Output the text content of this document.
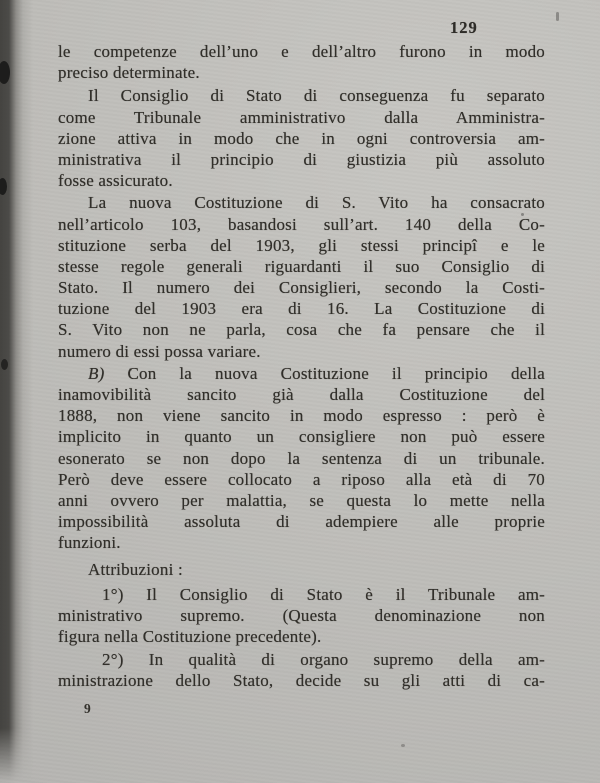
129
le competenze dell’uno e dell’altro furono in modo
preciso determinate.
Il Consiglio di Stato di conseguenza fu separato
come Tribunale amministrativo dalla Amministra-
zione attiva in modo che in ogni controversia am-
ministrativa il principio di giustizia più assoluto
fosse assicurato.
La nuova Costituzione di S. Vito ha consacrato
nell’articolo 103, basandosi sull’art. 140 della Co-
stituzione serba del 1903, gli stessi principî e le
stesse regole generali riguardanti il suo Consiglio di
Stato. Il numero dei Consiglieri, secondo la Costi-
tuzione del 1903 era di 16. La Costituzione di
S. Vito non ne parla, cosa che fa pensare che il
numero di essi possa variare.
B) Con la nuova Costituzione il principio della
inamovibilità sancito già dalla Costituzione del
1888, non viene sancito in modo espresso : però è
implicito in quanto un consigliere non può essere
esonerato se non dopo la sentenza di un tribunale.
Però deve essere collocato a riposo alla età di 70
anni ovvero per malattia, se questa lo mette nella
impossibilità assoluta di adempiere alle proprie
funzioni.
Attribuzioni :
1°) Il Consiglio di Stato è il Tribunale am-
ministrativo supremo. (Questa denominazione non
figura nella Costituzione precedente).
2°) In qualità di organo supremo della am-
ministrazione dello Stato, decide su gli atti di ca-
9
